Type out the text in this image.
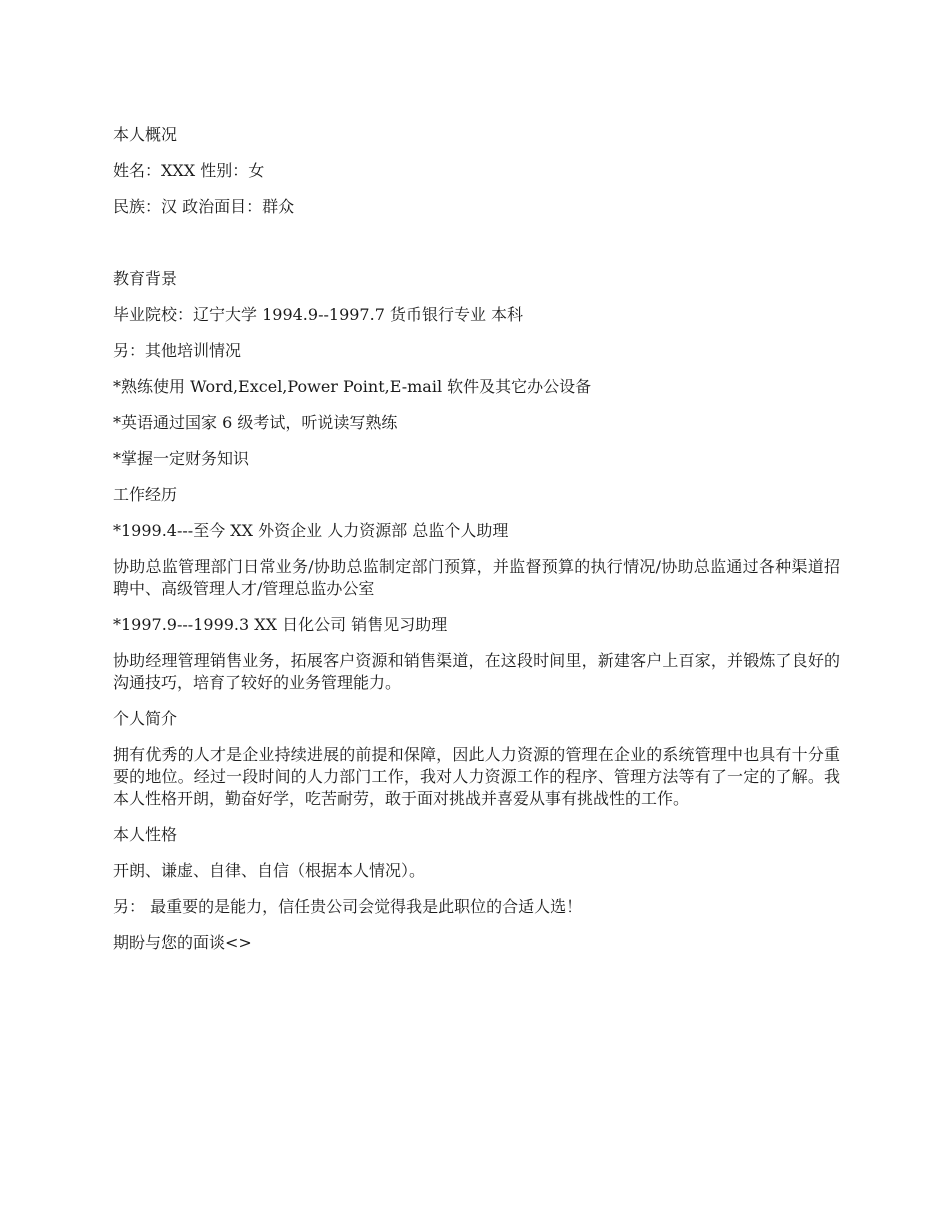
本人概况
姓名：XXX 性别：女
民族：汉 政治面目：群众
教育背景
毕业院校：辽宁大学 1994.9--1997.7 货币银行专业 本科
另：其他培训情况
*熟练使用 Word,Excel,Power Point,E-mail 软件及其它办公设备
*英语通过国家 6 级考试，听说读写熟练
*掌握一定财务知识
工作经历
*1999.4---至今 XX 外资企业 人力资源部 总监个人助理
协助总监管理部门日常业务/协助总监制定部门预算，并监督预算的执行情况/协助总监通过各种渠道招聘中、高级管理人才/管理总监办公室
*1997.9---1999.3 XX 日化公司 销售见习助理
协助经理管理销售业务，拓展客户资源和销售渠道，在这段时间里，新建客户上百家，并锻炼了良好的沟通技巧，培育了较好的业务管理能力。
个人简介
拥有优秀的人才是企业持续进展的前提和保障，因此人力资源的管理在企业的系统管理中也具有十分重要的地位。经过一段时间的人力部门工作，我对人力资源工作的程序、管理方法等有了一定的了解。我本人性格开朗，勤奋好学，吃苦耐劳，敢于面对挑战并喜爱从事有挑战性的工作。
本人性格
开朗、谦虚、自律、自信（根据本人情况）。
另： 最重要的是能力，信任贵公司会觉得我是此职位的合适人选！
期盼与您的面谈<>
